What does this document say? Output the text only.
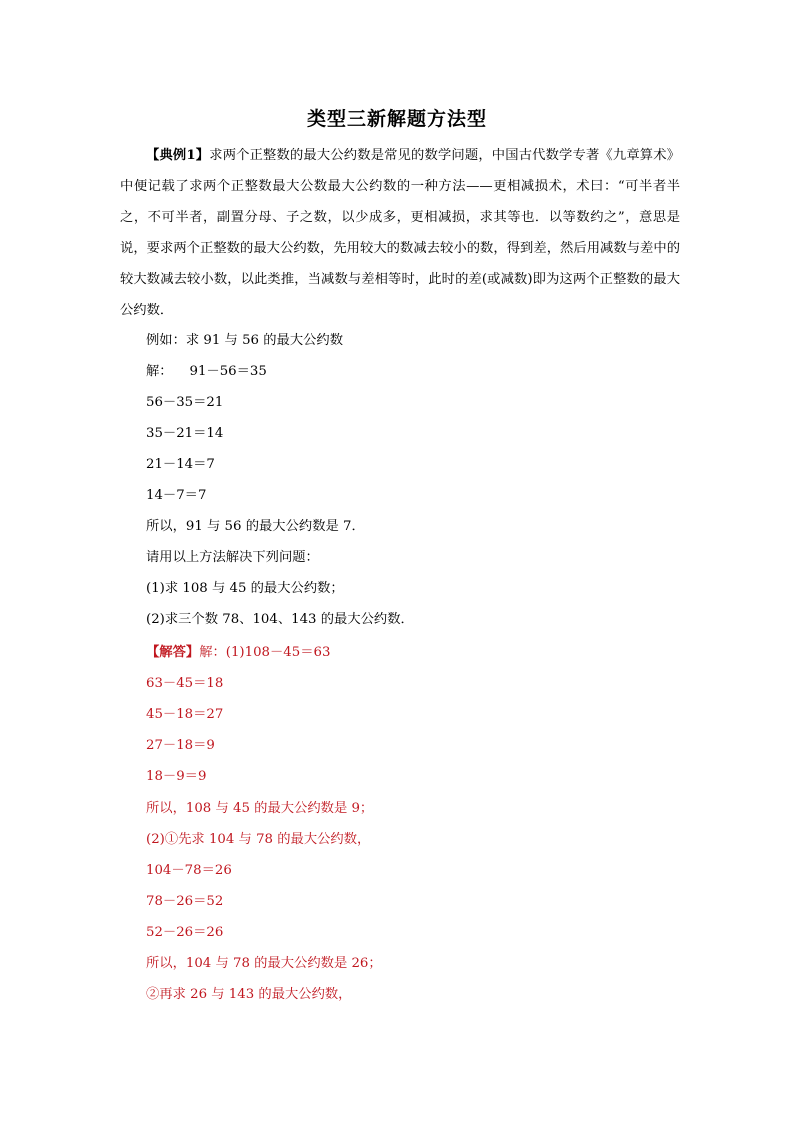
类型三新解题方法型
【典例1】求两个正整数的最大公约数是常见的数学问题，中国古代数学专著《九章算术》中便记载了求两个正整数最大公数最大公约数的一种方法——更相减损术，术曰：“可半者半之，不可半者，副置分母、子之数，以少成多，更相减损，求其等也．以等数约之”，意思是说，要求两个正整数的最大公约数，先用较大的数减去较小的数，得到差，然后用减数与差中的较大数减去较小数，以此类推，当减数与差相等时，此时的差(或减数)即为这两个正整数的最大公约数．
例如：求 91 与 56 的最大公约数
解：    91－56＝35
56－35＝21
35－21＝14
21－14＝7
14－7＝7
所以，91 与 56 的最大公约数是 7．
请用以上方法解决下列问题：
(1)求 108 与 45 的最大公约数；
(2)求三个数 78、104、143 的最大公约数．
【解答】解：(1)108－45＝63
63－45＝18
45－18＝27
27－18＝9
18－9＝9
所以，108 与 45 的最大公约数是 9；
(2)①先求 104 与 78 的最大公约数，
104－78＝26
78－26＝52
52－26＝26
所以，104 与 78 的最大公约数是 26；
②再求 26 与 143 的最大公约数，
